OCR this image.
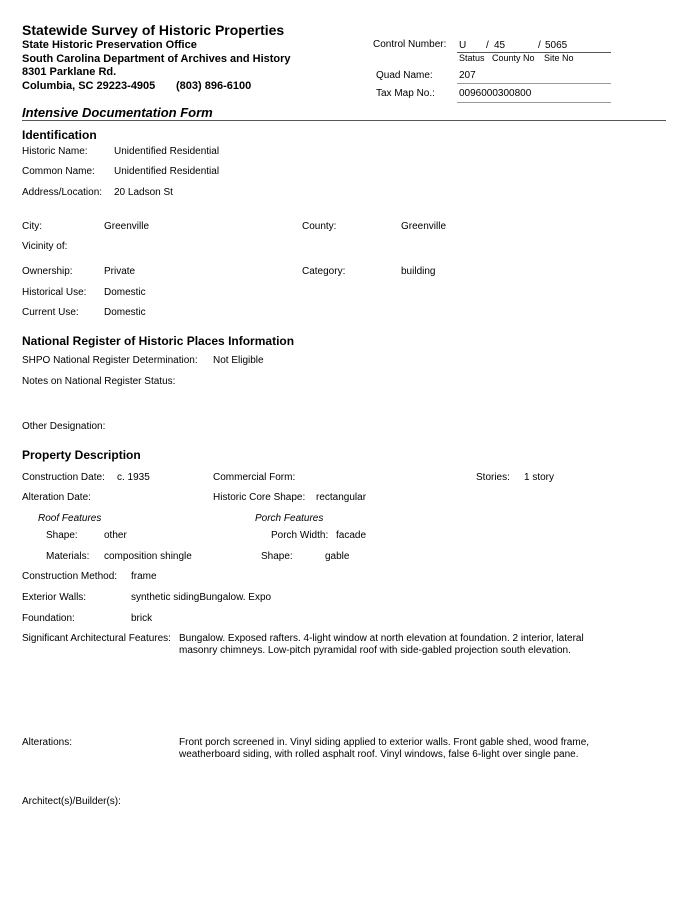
Statewide Survey of Historic Properties
State Historic Preservation Office
South Carolina Department of Archives and History
8301 Parklane Rd.
Columbia, SC 29223-4905 (803) 896-6100
Control Number: U / 45	/ 5065
Status County No Site No
Quad Name:	207
Tax Map No.: 0096000300800
Intensive Documentation Form
Identification
Historic Name:	Unidentified Residential
Common Name: Unidentified Residential
Address/Location: 20 Ladson St
City:	Greenville	County:	Greenville
Vicinity of:
Ownership:	Private	Category:	building
Historical Use: Domestic
Current Use:	Domestic
National Register of Historic Places Information
SHPO National Register Determination: Not Eligible
Notes on National Register Status:
Other Designation:
Property Description
Construction Date: c. 1935	Commercial Form:	Stories: 1 story
Alteration Date:	Historic Core Shape: rectangular
Roof Features	Porch Features
Shape:	other	Porch Width: facade
Materials: composition shingle	Shape:	gable
Construction Method: frame
Exterior Walls:	synthetic sidingBungalow. Expo
Foundation:	brick
Significant Architectural Features: Bungalow. Exposed rafters. 4-light window at north elevation at foundation. 2 interior, lateral masonry chimneys. Low-pitch pyramidal roof with side-gabled projection south elevation.
Alterations:	Front porch screened in. Vinyl siding applied to exterior walls. Front gable shed, wood frame, weatherboard siding, with rolled asphalt roof. Vinyl windows, false 6-light over single pane.
Architect(s)/Builder(s):
